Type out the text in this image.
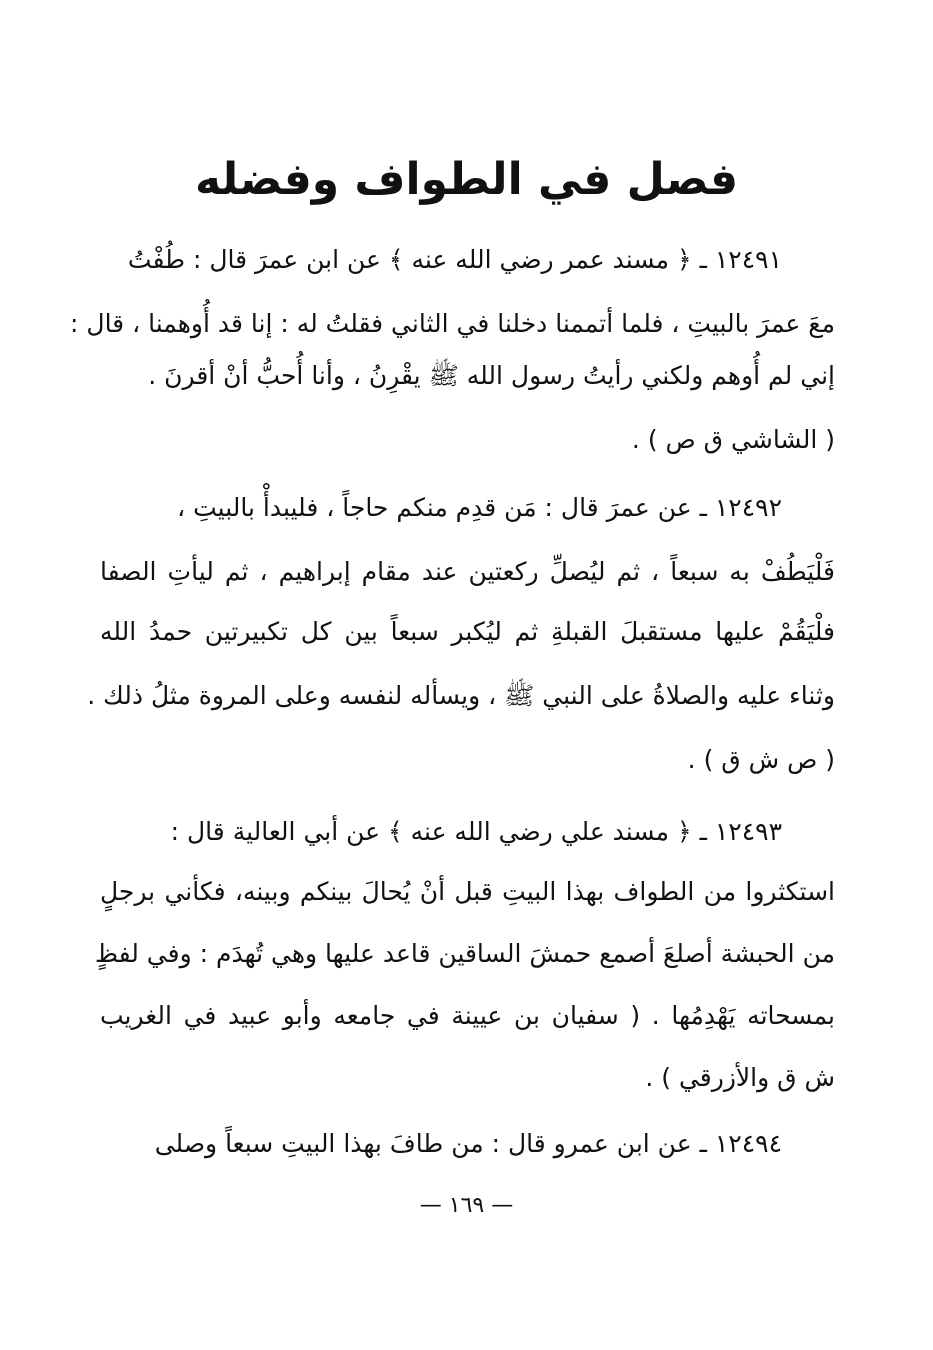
فصل في الطواف وفضله
١٢٤٩١ ـ ﴿ مسند عمر رضي الله عنه ﴾ عن ابن عمرَ قال : طُفْتُ
معَ عمرَ بالبيتِ ، فلما أتممنا دخلنا في الثاني فقلتُ له : إنا قد أُوهمنا ، قال :
إني لم أُوهم ولكني رأيتُ رسول الله ﷺ يقْرِنُ ، وأنا أُحبُّ أنْ أقرنَ .
( الشاشي ق ص ) .
١٢٤٩٢ ـ عن عمرَ قال : مَن قدِم منكم حاجاً ، فليبدأْ بالبيتِ ،
فَلْيَطُفْ به سبعاً ، ثم ليُصلِّ ركعتين عند مقام إبراهيم ، ثم ليأتِ الصفا
فلْيَقُمْ عليها مستقبلَ القبلةِ ثم ليُكبر سبعاً بين كل تكبيرتين حمدُ الله
وثناء عليه والصلاةُ على النبي ﷺ ، ويسأله لنفسه وعلى المروة مثلُ ذلك .
( ص ش ق ) .
١٢٤٩٣ ـ ﴿ مسند علي رضي الله عنه ﴾ عن أبي العالية قال :
استكثروا من الطواف بهذا البيتِ قبل أنْ يُحالَ بينكم وبينه، فكأني برجلٍ
من الحبشة أصلعَ أصمع حمشَ الساقين قاعد عليها وهي تُهدَم : وفي لفظٍ
بمسحاته يَهْدِمُها . ( سفيان بن عيينة في جامعه وأبو عبيد في الغريب
ش ق والأزرقي ) .
١٢٤٩٤ ـ عن ابن عمرو قال : من طافَ بهذا البيتِ سبعاً وصلى
— ١٦٩ —
